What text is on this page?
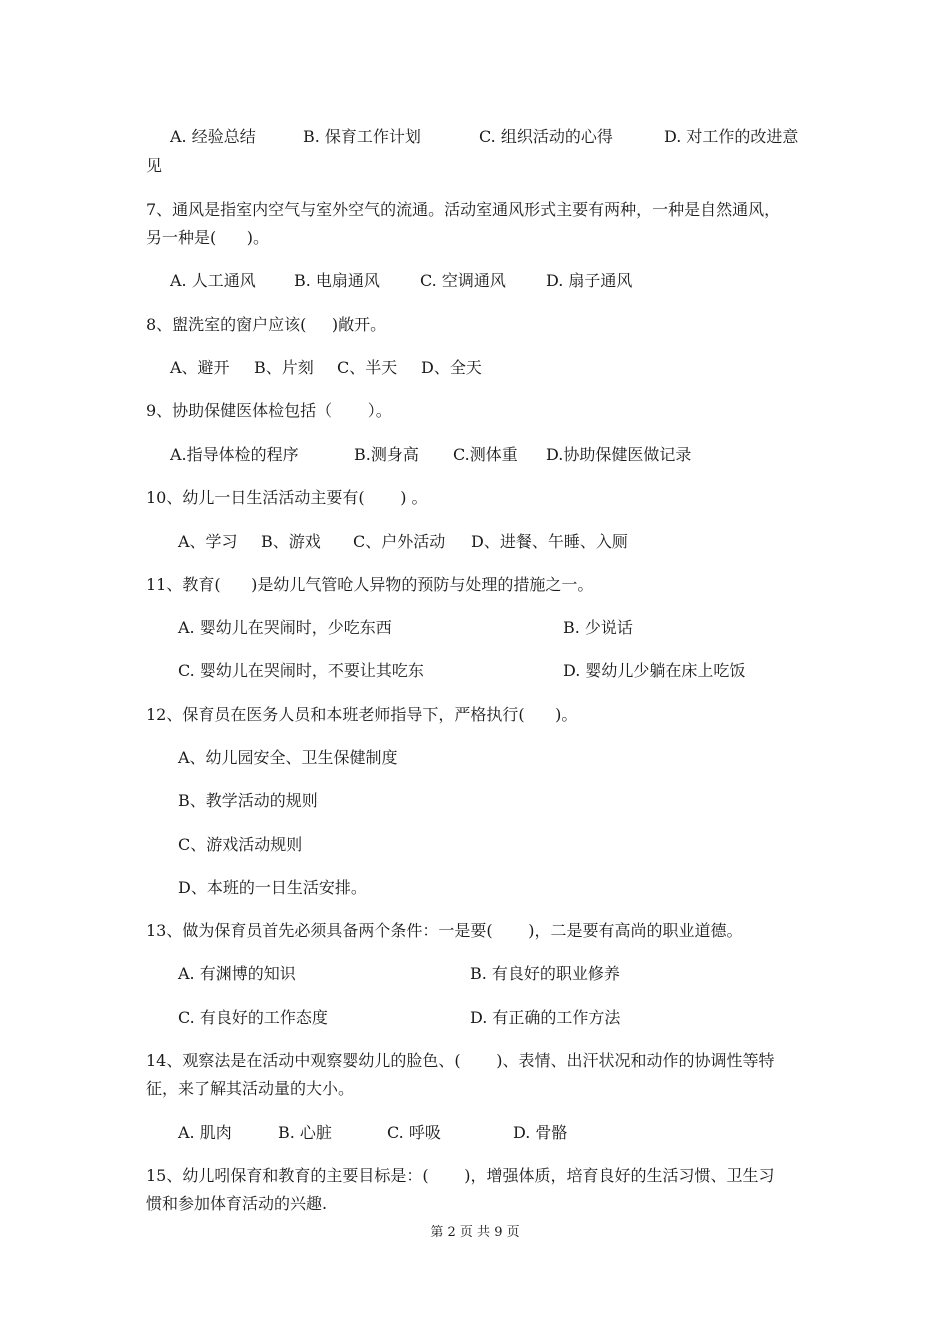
A. 经验总结	B. 保育工作计划	C. 组织活动的心得	D. 对工作的改进意
见
7、通风是指室内空气与室外空气的流通。活动室通风形式主要有两种，一种是自然通风，
另一种是(      )。
A. 人工通风 B. 电扇通风	C. 空调通风	D. 扇子通风
8、盥洗室的窗户应该(     )敞开。
A、避开 B、片刻 C、半天 D、全天
9、协助保健医体检包括（       ）。
A.指导体检的程序	B.测身高 C.测体重 D.协助保健医做记录
10、幼儿一日生活活动主要有(       ) 。
A、学习 B、游戏 C、户外活动 D、进餐、午睡、入厕
11、教育(      )是幼儿气管呛人异物的预防与处理的措施之一。
A. 婴幼儿在哭闹时，少吃东西	B. 少说话
C. 婴幼儿在哭闹时，不要让其吃东	D. 婴幼儿少躺在床上吃饭
12、保育员在医务人员和本班老师指导下，严格执行(      )。
A、幼儿园安全、卫生保健制度
B、教学活动的规则
C、游戏活动规则
D、本班的一日生活安排。
13、做为保育员首先必须具备两个条件：一是要(       )，二是要有高尚的职业道德。
A. 有渊博的知识	B. 有良好的职业修养
C. 有良好的工作态度	D. 有正确的工作方法
14、观察法是在活动中观察婴幼儿的脸色、(       )、表情、出汗状况和动作的协调性等特
征，来了解其活动量的大小。
A. 肌肉	B. 心脏	C. 呼吸	D. 骨骼
15、幼儿吲保育和教育的主要目标是：(       )，增强体质，培育良好的生活习惯、卫生习
惯和参加体育活动的兴趣.
第 2 页 共 9 页
